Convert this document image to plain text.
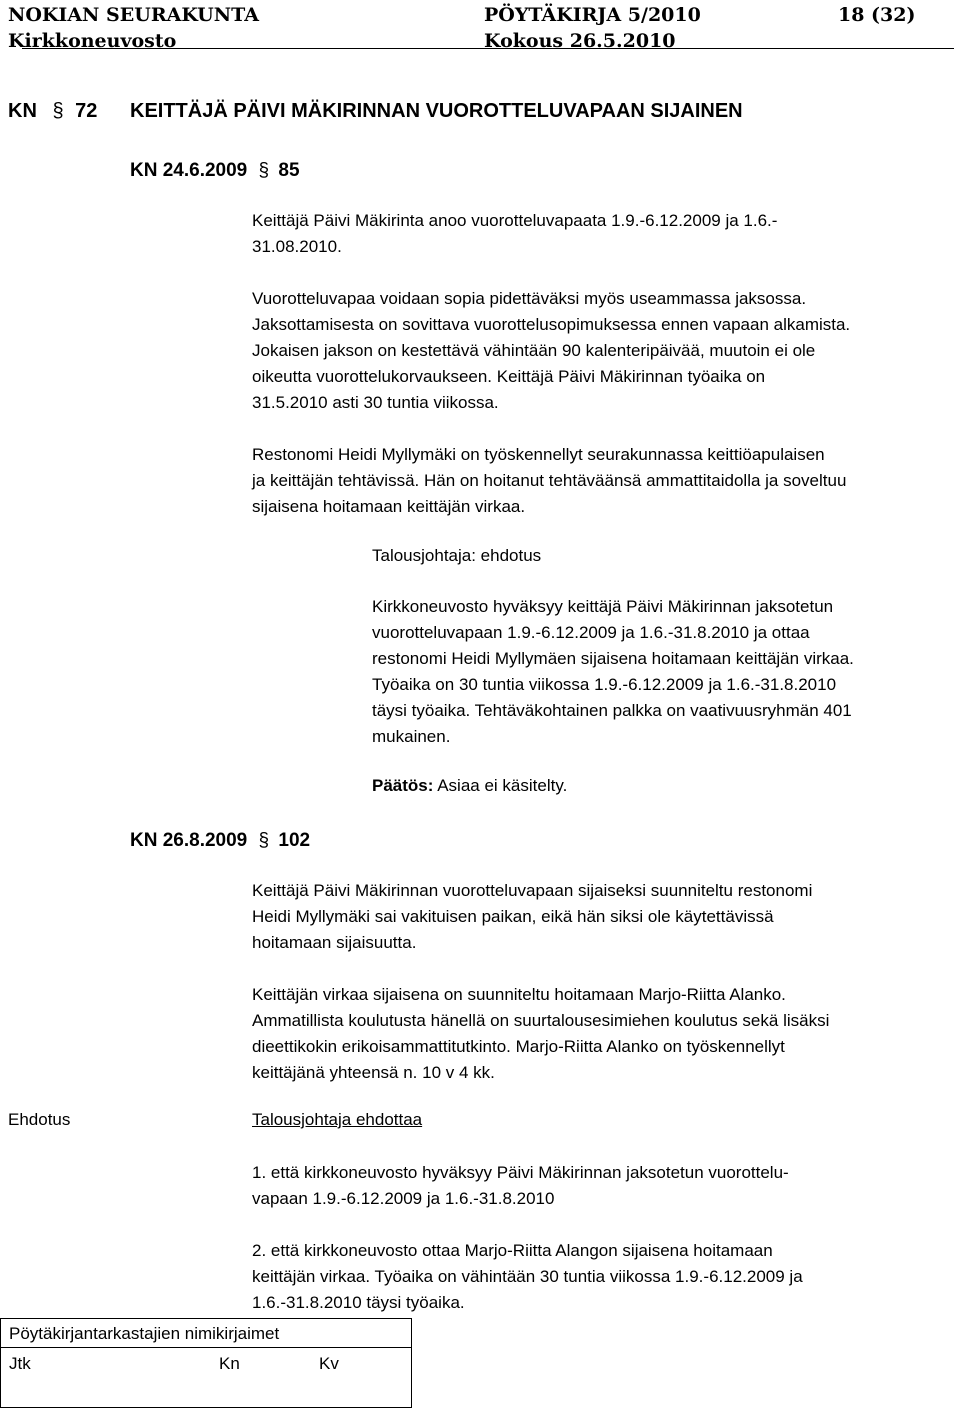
NOKIAN SEURAKUNTA	PÖYTÄKIRJA 5/2010	18 (32)
Kirkkoneuvosto	Kokous 26.5.2010
KN § 72 KEITTÄJÄ PÄIVI MÄKIRINNAN VUOROTTELUVAPAAN SIJAINEN
KN 24.6.2009 § 85
Keittäjä Päivi Mäkirinta anoo vuorotteluvapaata 1.9.-6.12.2009 ja 1.6.-
31.08.2010.
Vuorotteluvapaa voidaan sopia pidettäväksi myös useammassa jaksossa.
Jaksottamisesta on sovittava vuorottelusopimuksessa ennen vapaan alkamista.
Jokaisen jakson on kestettävä vähintään 90 kalenteripäivää, muutoin ei ole
oikeutta vuorottelukorvaukseen. Keittäjä Päivi Mäkirinnan työaika on
31.5.2010 asti 30 tuntia viikossa.
Restonomi Heidi Myllymäki on työskennellyt seurakunnassa keittiöapulaisen
ja keittäjän tehtävissä. Hän on hoitanut tehtäväänsä ammattitaidolla ja soveltuu
sijaisena hoitamaan keittäjän virkaa.
Talousjohtaja: ehdotus
Kirkkoneuvosto hyväksyy keittäjä Päivi Mäkirinnan jaksotetun
vuorotteluvapaan 1.9.-6.12.2009 ja 1.6.-31.8.2010 ja ottaa
restonomi Heidi Myllymäen sijaisena hoitamaan keittäjän virkaa.
Työaika on 30 tuntia viikossa 1.9.-6.12.2009 ja 1.6.-31.8.2010
täysi työaika. Tehtäväkohtainen palkka on vaativuusryhmän 401
mukainen.
Päätös: Asiaa ei käsitelty.
KN 26.8.2009 § 102
Keittäjä Päivi Mäkirinnan vuorotteluvapaan sijaiseksi suunniteltu restonomi
Heidi Myllymäki sai vakituisen paikan, eikä hän siksi ole käytettävissä
hoitamaan sijaisuutta.
Keittäjän virkaa sijaisena on suunniteltu hoitamaan Marjo-Riitta Alanko.
Ammatillista koulutusta hänellä on suurtalousesimiehen koulutus sekä lisäksi
dieettikokin erikoisammattitutkinto. Marjo-Riitta Alanko on työskennellyt
keittäjänä yhteensä n. 10 v 4 kk.
Ehdotus	Talousjohtaja ehdottaa
1. että kirkkoneuvosto hyväksyy Päivi Mäkirinnan jaksotetun vuorottelu-
vapaan 1.9.-6.12.2009 ja 1.6.-31.8.2010
2. että kirkkoneuvosto ottaa Marjo-Riitta Alangon sijaisena hoitamaan
keittäjän virkaa. Työaika on vähintään 30 tuntia viikossa 1.9.-6.12.2009 ja
1.6.-31.8.2010 täysi työaika.
Pöytäkirjantarkastajien nimikirjaimet
Jtk	Kn	Kv
